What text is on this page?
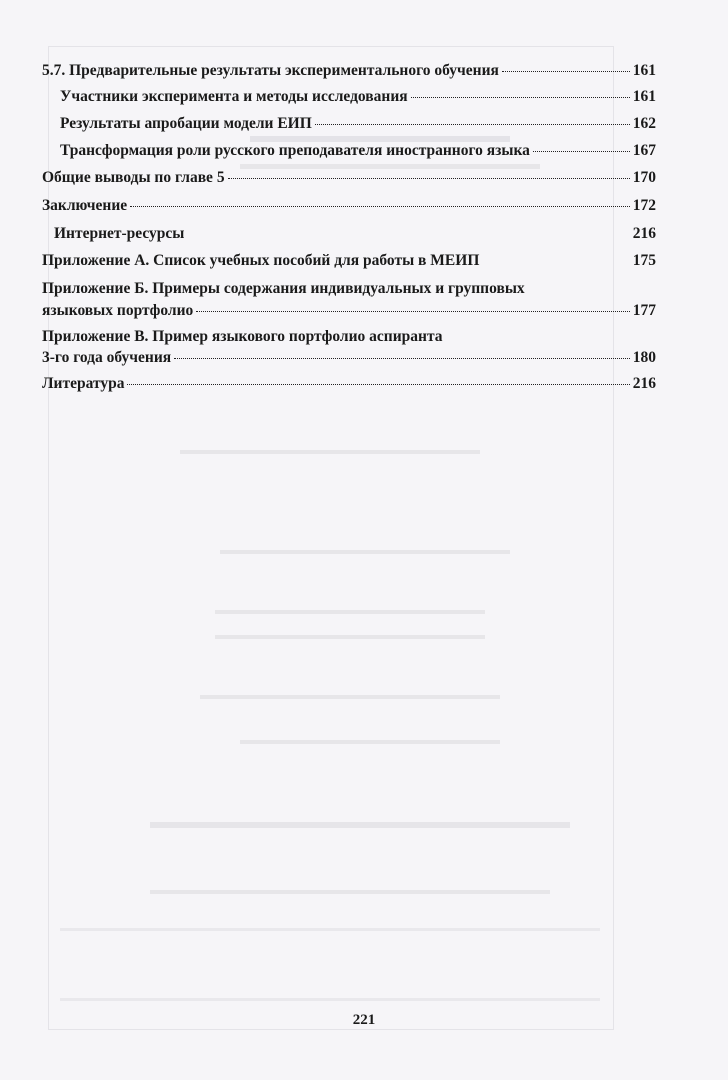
5.7. Предварительные результаты экспериментального обучения	161
Участники эксперимента и методы исследования	161
Результаты апробации модели ЕИП	162
Трансформация роли русского преподавателя иностранного языка	167
Общие выводы по главе 5	170
Заключение	172
Интернет-ресурсы	216
Приложение А. Список учебных пособий для работы в МЕИП	175
Приложение Б. Примеры содержания индивидуальных и групповых
языковых портфолио	177
Приложение В. Пример языкового портфолио аспиранта
3-го года обучения	180
Литература	216
221
